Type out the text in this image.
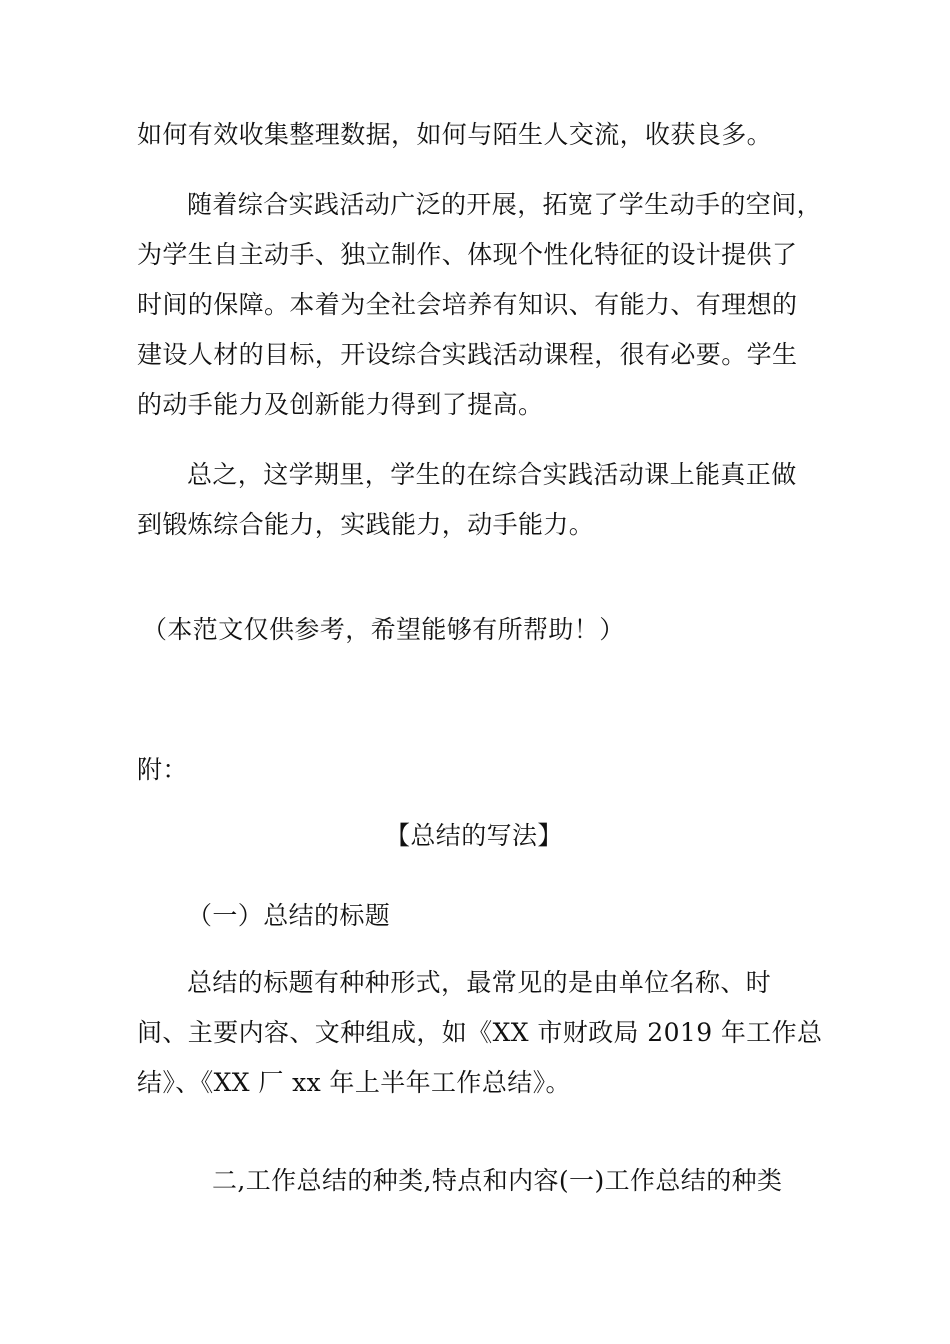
如何有效收集整理数据，如何与陌生人交流，收获良多。
随着综合实践活动广泛的开展，拓宽了学生动手的空间，
为学生自主动手、独立制作、体现个性化特征的设计提供了
时间的保障。本着为全社会培养有知识、有能力、有理想的
建设人材的目标，开设综合实践活动课程，很有必要。学生
的动手能力及创新能力得到了提高。
总之，这学期里，学生的在综合实践活动课上能真正做
到锻炼综合能力，实践能力，动手能力。
（本范文仅供参考，希望能够有所帮助！）
附：
【总结的写法】
（一）总结的标题
总结的标题有种种形式，最常见的是由单位名称、时
间、主要内容、文种组成，如《XX 市财政局 2019 年工作总
结》、《XX 厂 xx 年上半年工作总结》。
二,工作总结的种类,特点和内容(一)工作总结的种类
